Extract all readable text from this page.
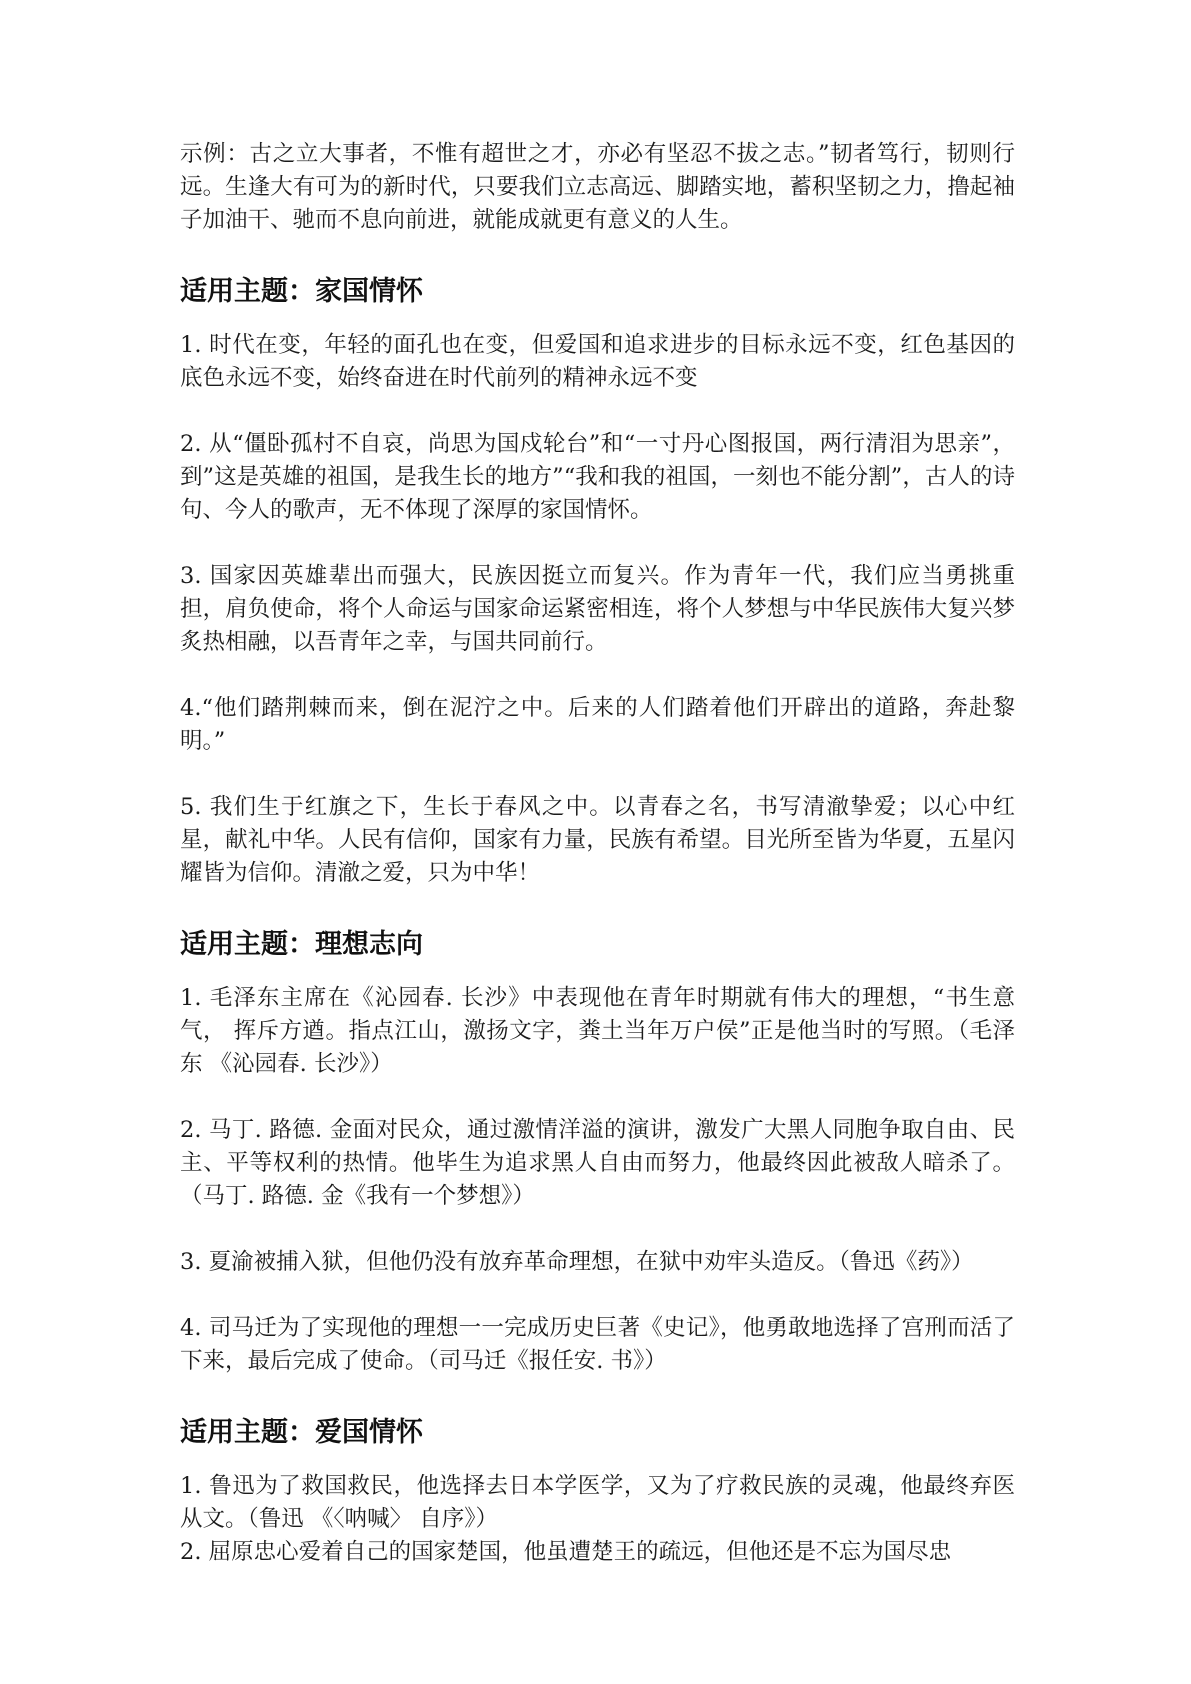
示例：古之立大事者，不惟有超世之才，亦必有坚忍不拔之志。”韧者笃行，韧则行远。生逢大有可为的新时代，只要我们立志高远、脚踏实地，蓄积坚韧之力，撸起袖子加油干、驰而不息向前进，就能成就更有意义的人生。

适用主题：家国情怀

1. 时代在变，年轻的面孔也在变，但爱国和追求进步的目标永远不变，红色基因的底色永远不变，始终奋进在时代前列的精神永远不变

2. 从“僵卧孤村不自哀，尚思为国戍轮台”和“一寸丹心图报国，两行清泪为思亲”，到”这是英雄的祖国，是我生长的地方”“我和我的祖国，一刻也不能分割”，古人的诗句、今人的歌声，无不体现了深厚的家国情怀。

3. 国家因英雄辈出而强大，民族因挺立而复兴。作为青年一代，我们应当勇挑重担，肩负使命，将个人命运与国家命运紧密相连，将个人梦想与中华民族伟大复兴梦炙热相融，以吾青年之幸，与国共同前行。

4.“他们踏荆棘而来，倒在泥泞之中。后来的人们踏着他们开辟出的道路，奔赴黎明。”

5. 我们生于红旗之下，生长于春风之中。以青春之名，书写清澈挚爱；以心中红星，献礼中华。人民有信仰，国家有力量，民族有希望。目光所至皆为华夏，五星闪耀皆为信仰。清澈之爱，只为中华！

适用主题：理想志向

1. 毛泽东主席在《沁园春. 长沙》中表现他在青年时期就有伟大的理想，“书生意气， 挥斥方遒。指点江山，激扬文字，粪土当年万户侯”正是他当时的写照。（毛泽东 《沁园春. 长沙》）

2. 马丁. 路德. 金面对民众，通过激情洋溢的演讲，激发广大黑人同胞争取自由、民主、平等权利的热情。他毕生为追求黑人自由而努力，他最终因此被敌人暗杀了。（马丁. 路德. 金《我有一个梦想》）

3. 夏渝被捕入狱，但他仍没有放弃革命理想，在狱中劝牢头造反。（鲁迅《药》）

4. 司马迁为了实现他的理想一一完成历史巨著《史记》，他勇敢地选择了宫刑而活了下来，最后完成了使命。（司马迁《报任安. 书》）

适用主题：爱国情怀

1. 鲁迅为了救国救民，他选择去日本学医学，又为了疗救民族的灵魂，他最终弃医从文。（鲁迅 《〈呐喊〉 自序》）

2. 屈原忠心爱着自己的国家楚国，他虽遭楚王的疏远，但他还是不忘为国尽忠
